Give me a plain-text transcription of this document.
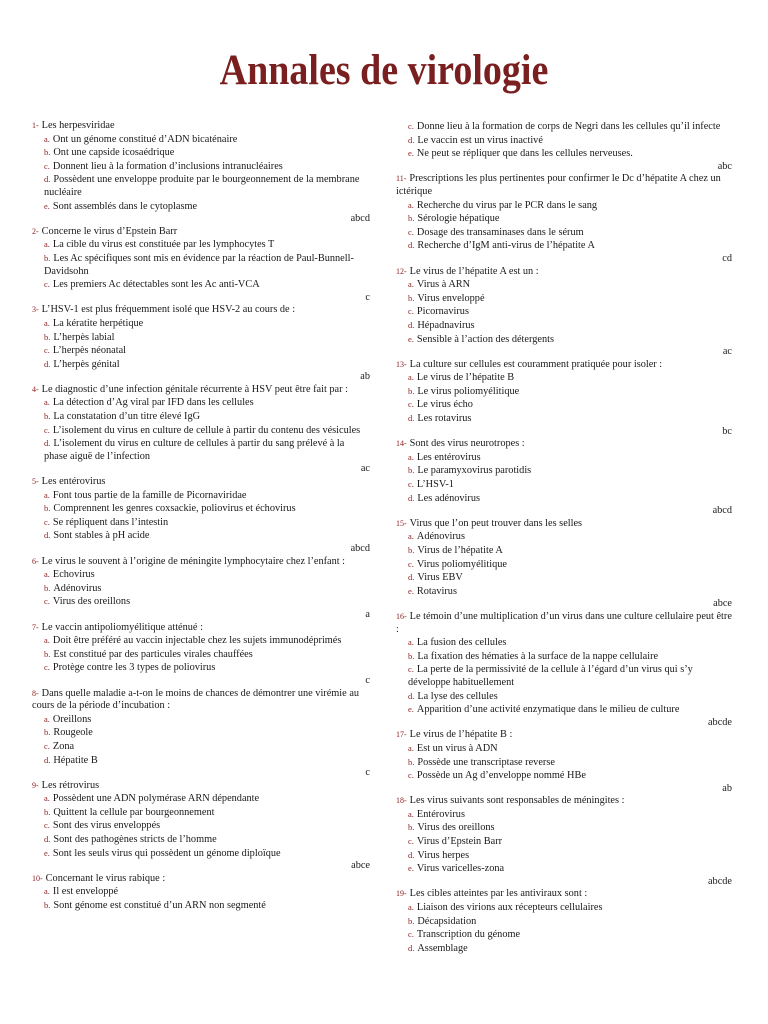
Annales de virologie
1- Les herpesviridae
a. Ont un génome constitué d’ADN bicaténaire
b. Ont une capside icosaédrique
c. Donnent lieu à la formation d’inclusions intranucléaires
d. Possèdent une enveloppe produite par le bourgeonnement de la membrane nucléaire
e. Sont assemblés dans le cytoplasme
abcd
2- Concerne le virus d’Epstein Barr
a. La cible du virus est constituée par les lymphocytes T
b. Les Ac spécifiques sont mis en évidence par la réaction de Paul-Bunnell-Davidsohn
c. Les premiers Ac détectables sont les Ac anti-VCA
c
3- L’HSV-1 est plus fréquemment isolé que HSV-2 au cours de :
a. La kératite herpétique
b. L’herpès labial
c. L’herpès néonatal
d. L’herpès génital
ab
4- Le diagnostic d’une infection génitale récurrente à HSV peut être fait par :
a. La détection d’Ag viral par IFD dans les cellules
b. La constatation d’un titre élevé IgG
c. L’isolement du virus en culture de cellule à partir du contenu des vésicules
d. L’isolement du virus en culture de cellules à partir du sang prélevé à la phase aiguë de l’infection
ac
5- Les entérovirus
a. Font tous partie de la famille de Picornaviridae
b. Comprennent les genres coxsackie, poliovirus et échovirus
c. Se répliquent dans l’intestin
d. Sont stables à pH acide
abcd
6- Le virus le souvent à l’origine de méningite lymphocytaire chez l’enfant :
a. Echovirus
b. Adénovirus
c. Virus des oreillons
a
7- Le vaccin antipoliomyélitique atténué :
a. Doit être préféré au vaccin injectable chez les sujets immunodéprimés
b. Est constitué par des particules virales chauffées
c. Protège contre les 3 types de poliovirus
c
8- Dans quelle maladie a-t-on le moins de chances de démontrer une virémie au cours de la période d’incubation :
a. Oreillons
b. Rougeole
c. Zona
d. Hépatite B
c
9- Les rétrovirus
a. Possèdent une ADN polymérase ARN dépendante
b. Quittent la cellule par bourgeonnement
c. Sont des virus enveloppés
d. Sont des pathogènes stricts de l’homme
e. Sont les seuls virus qui possèdent un génome diploïque
abce
10- Concernant le virus rabique :
a. Il est enveloppé
b. Sont génome est constitué d’un ARN non segmenté
c. Donne lieu à la formation de corps de Negri dans les cellules qu’il infecte
d. Le vaccin est un virus inactivé
e. Ne peut se répliquer que dans les cellules nerveuses.
abc
11- Prescriptions les plus pertinentes pour confirmer le Dc d’hépatite A chez un ictérique
a. Recherche du virus par le PCR dans le sang
b. Sérologie hépatique
c. Dosage des transaminases dans le sérum
d. Recherche d’IgM anti-virus de l’hépatite A
cd
12- Le virus de l’hépatite A est un :
a. Virus à ARN
b. Virus enveloppé
c. Picornavirus
d. Hépadnavirus
e. Sensible à l’action des détergents
ac
13- La culture sur cellules est couramment pratiquée pour isoler :
a. Le virus de l’hépatite B
b. Le virus poliomyélitique
c. Le virus écho
d. Les rotavirus
bc
14- Sont des virus neurotropes :
a. Les entérovirus
b. Le paramyxovirus parotidis
c. L’HSV-1
d. Les adénovirus
abcd
15- Virus que l’on peut trouver dans les selles
a. Adénovirus
b. Virus de l’hépatite A
c. Virus poliomyélitique
d. Virus EBV
e. Rotavirus
abce
16- Le témoin d’une multiplication d’un virus dans une culture cellulaire peut être :
a. La fusion des cellules
b. La fixation des hématies à la surface de la nappe cellulaire
c. La perte de la permissivité de la cellule à l’égard d’un virus qui s’y développe habituellement
d. La lyse des cellules
e. Apparition d’une activité enzymatique dans le milieu de culture
abcde
17- Le virus de l’hépatite B :
a. Est un virus à ADN
b. Possède une transcriptase reverse
c. Possède un Ag d’enveloppe nommé HBe
ab
18- Les virus suivants sont responsables de méningites :
a. Entérovirus
b. Virus des oreillons
c. Virus d’Epstein Barr
d. Virus herpes
e. Virus varicelles-zona
abcde
19- Les cibles atteintes par les antiviraux sont :
a. Liaison des virions aux récepteurs cellulaires
b. Décapsidation
c. Transcription du génome
d. Assemblage
